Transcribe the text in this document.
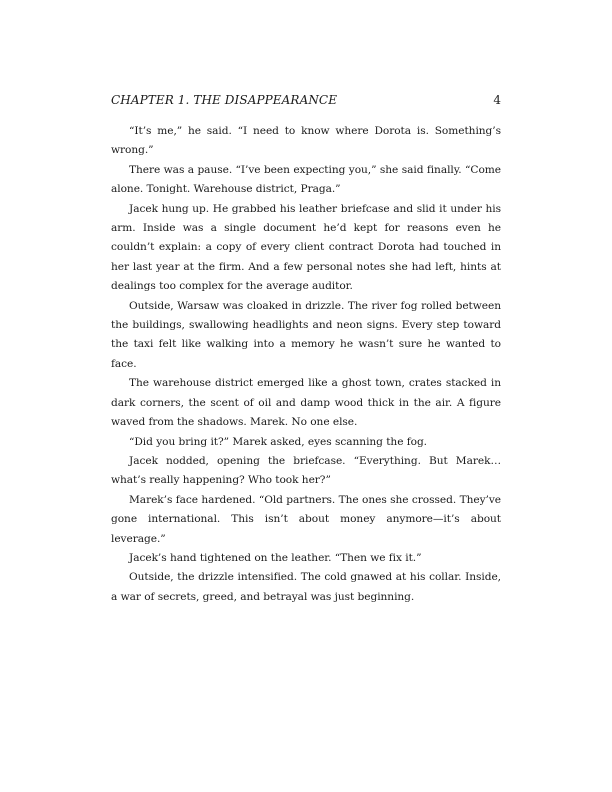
CHAPTER 1. THE DISAPPEARANCE	4

“It’s me,” he said. “I need to know where Dorota is. Something’s wrong.”

There was a pause. “I’ve been expecting you,” she said finally. “Come alone. Tonight. Warehouse district, Praga.”

Jacek hung up. He grabbed his leather briefcase and slid it under his arm. Inside was a single document he’d kept for reasons even he couldn’t explain: a copy of every client contract Dorota had touched in her last year at the firm. And a few personal notes she had left, hints at dealings too complex for the average auditor.

Outside, Warsaw was cloaked in drizzle. The river fog rolled between the buildings, swallowing headlights and neon signs. Every step toward the taxi felt like walking into a memory he wasn’t sure he wanted to face.

The warehouse district emerged like a ghost town, crates stacked in dark corners, the scent of oil and damp wood thick in the air. A figure waved from the shadows. Marek. No one else.

“Did you bring it?” Marek asked, eyes scanning the fog.

Jacek nodded, opening the briefcase. “Everything. But Marek… what’s really happening? Who took her?”

Marek’s face hardened. “Old partners. The ones she crossed. They’ve gone international. This isn’t about money anymore—it’s about leverage.”

Jacek’s hand tightened on the leather. “Then we fix it.”

Outside, the drizzle intensified. The cold gnawed at his collar. Inside, a war of secrets, greed, and betrayal was just beginning.
